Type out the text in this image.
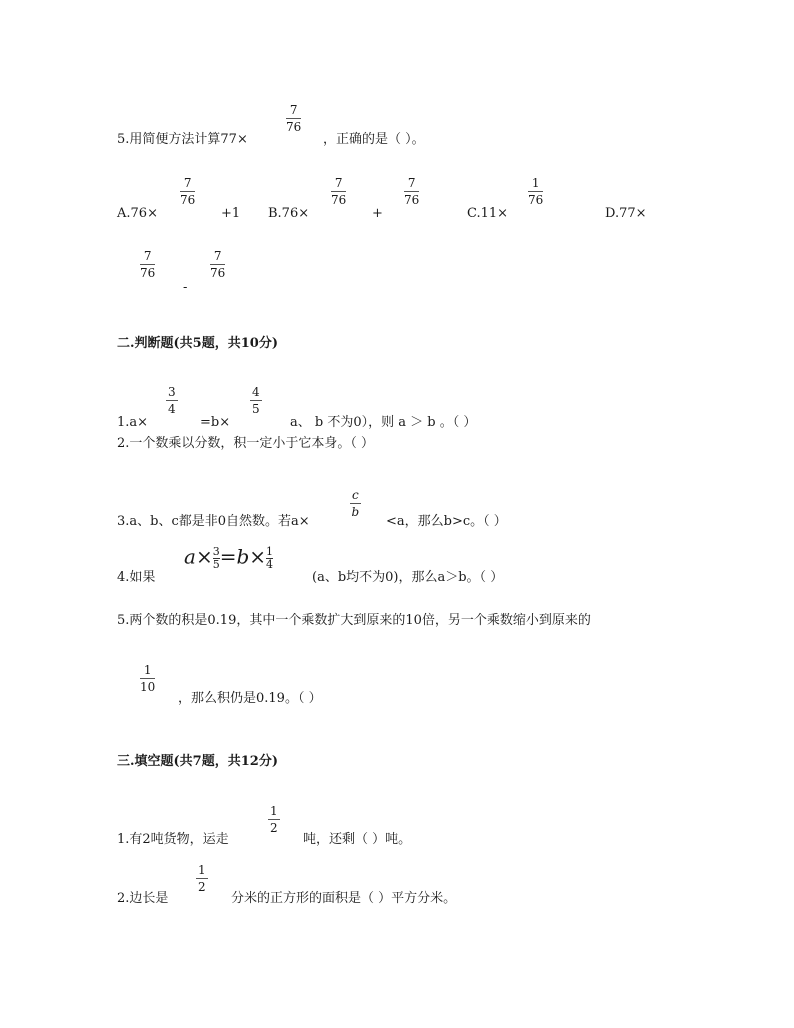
5.用简便方法计算77×
$\frac{7}{76}$
，正确的是（ ）。
A.76×
$\frac{7}{76}$
+1 B.76×
$\frac{7}{76}$
+
$\frac{7}{76}$
C.11×
$\frac{1}{76}$
D.77×
$\frac{7}{76}$
-
$\frac{7}{76}$
二.判断题(共5题，共10分)
1.a×
$\frac{3}{4}$
=b×
$\frac{4}{5}$
a、 b 不为0），则 a ＞ b 。（ ）
2.一个数乘以分数，积一定小于它本身。（ ）
3.a、b、c都是非0自然数。若a×
$\frac{c}{b}$
<a，那么b>c。（ ）
4.如果
$a\times \frac{3}{5} =b\times \frac{1}{4}$
(a、b均不为0)，那么a＞b。（ ）
5.两个数的积是0.19，其中一个乘数扩大到原来的10倍，另一个乘数缩小到原来的
$\frac{1}{10}$
，那么积仍是0.19。（ ）
三.填空题(共7题，共12分)
1.有2吨货物，运走
$\frac{1}{2}$
吨，还剩（ ）吨。
2.边长是
$\frac{1}{2}$
分米的正方形的面积是（ ）平方分米。
